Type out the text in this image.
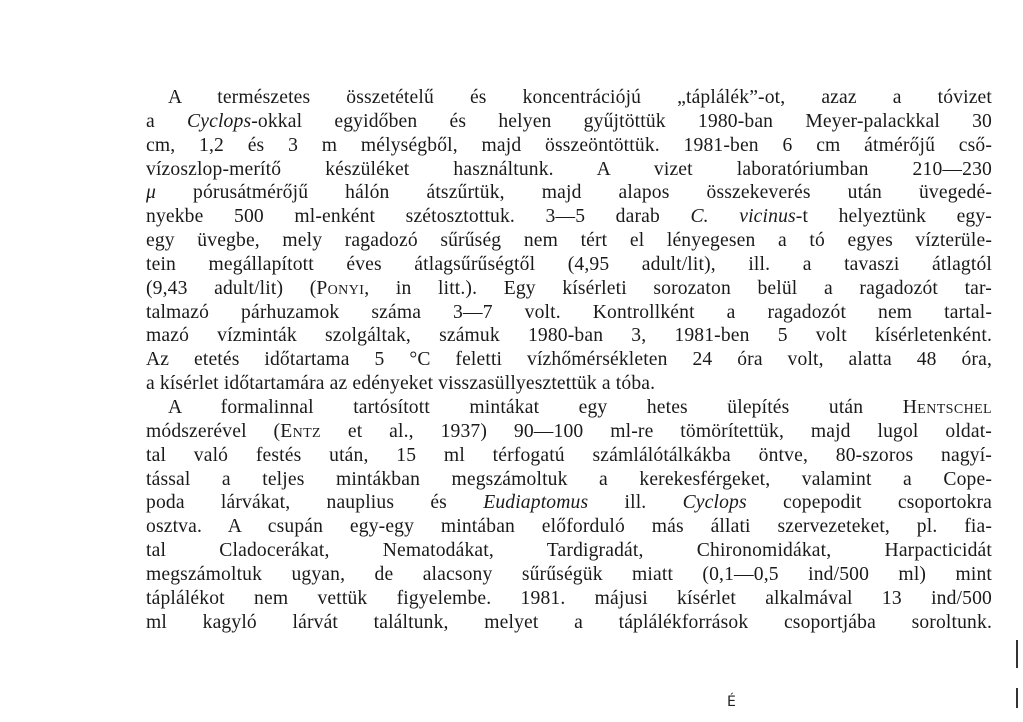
A természetes összetételű és koncentrációjú „táplálék”-ot, azaz a tóvizet
a Cyclops-okkal egyidőben és helyen gyűjtöttük 1980-ban Meyer-palackkal 30
cm, 1,2 és 3 m mélységből, majd összeöntöttük. 1981-ben 6 cm átmérőjű cső-
vízoszlop-merítő készüléket használtunk. A vizet laboratóriumban 210—230
μ pórusátmérőjű hálón átszűrtük, majd alapos összekeverés után üvegedé-
nyekbe 500 ml-enként szétosztottuk. 3—5 darab C. vicinus-t helyeztünk egy-
egy üvegbe, mely ragadozó sűrűség nem tért el lényegesen a tó egyes vízterüle-
tein megállapított éves átlagsűrűségtől (4,95 adult/lit), ill. a tavaszi átlagtól
(9,43 adult/lit) (Ponyi, in litt.). Egy kísérleti sorozaton belül a ragadozót tar-
talmazó párhuzamok száma 3—7 volt. Kontrollként a ragadozót nem tartal-
mazó vízminták szolgáltak, számuk 1980-ban 3, 1981-ben 5 volt kísérletenként.
Az etetés időtartama 5 °C feletti vízhőmérsékleten 24 óra volt, alatta 48 óra,
a kísérlet időtartamára az edényeket visszasüllyesztettük a tóba.
A formalinnal tartósított mintákat egy hetes ülepítés után Hentschel
módszerével (Entz et al., 1937) 90—100 ml-re tömörítettük, majd lugol oldat-
tal való festés után, 15 ml térfogatú számlálótálkákba öntve, 80-szoros nagyí-
tással a teljes mintákban megszámoltuk a kerekesférgeket, valamint a Cope-
poda lárvákat, nauplius és Eudiaptomus ill. Cyclops copepodit csoportokra
osztva. A csupán egy-egy mintában előforduló más állati szervezeteket, pl. fia-
tal Cladocerákat, Nematodákat, Tardigradát, Chironomidákat, Harpacticidát
megszámoltuk ugyan, de alacsony sűrűségük miatt (0,1—0,5 ind/500 ml) mint
táplálékot nem vettük figyelembe. 1981. májusi kísérlet alkalmával 13 ind/500
ml kagyló lárvát találtunk, melyet a táplálékforrások csoportjába soroltunk.
É
